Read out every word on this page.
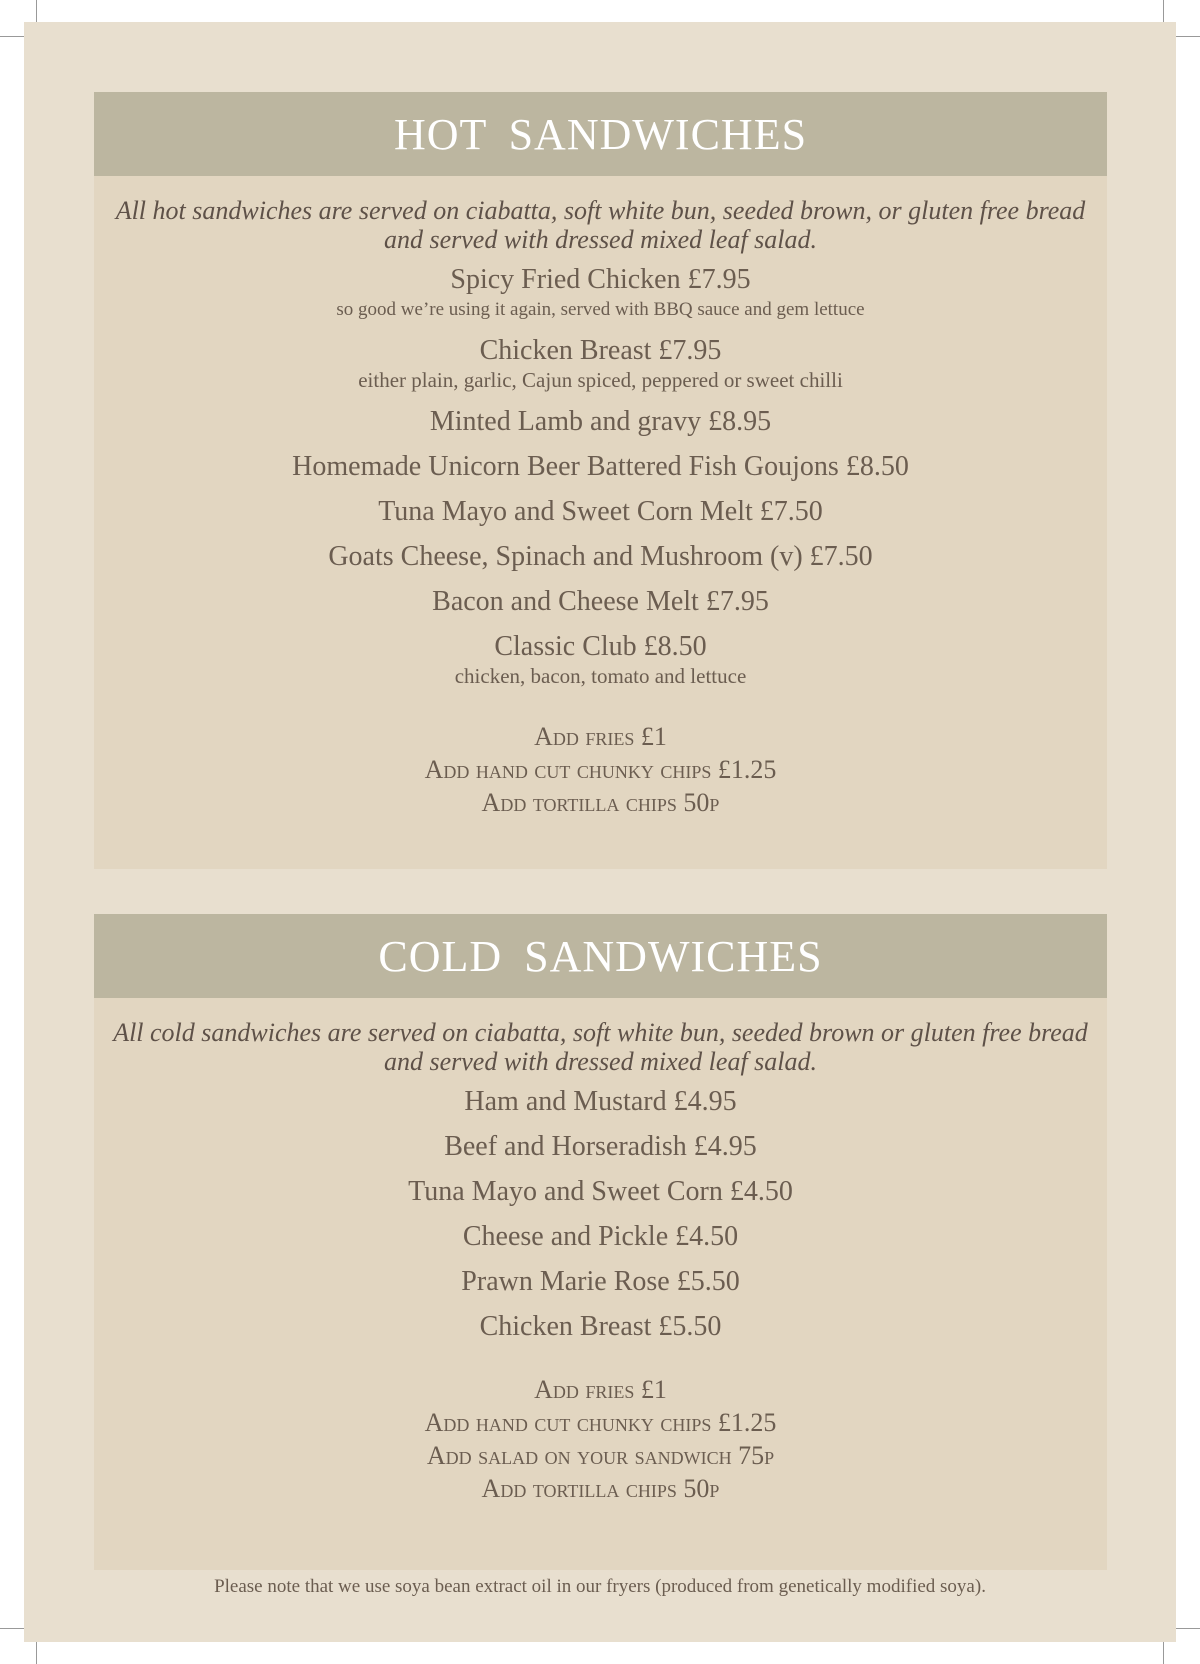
HOT SANDWICHES

All hot sandwiches are served on ciabatta, soft white bun, seeded brown, or gluten free bread and served with dressed mixed leaf salad.

Spicy Fried Chicken £7.95
so good we’re using it again, served with BBQ sauce and gem lettuce
Chicken Breast £7.95
either plain, garlic, Cajun spiced, peppered or sweet chilli
Minted Lamb and gravy £8.95
Homemade Unicorn Beer Battered Fish Goujons £8.50
Tuna Mayo and Sweet Corn Melt £7.50
Goats Cheese, Spinach and Mushroom (v) £7.50
Bacon and Cheese Melt £7.95
Classic Club £8.50
chicken, bacon, tomato and lettuce
Add fries £1
Add hand cut chunky chips £1.25
Add tortilla chips 50p
COLD SANDWICHES

All cold sandwiches are served on ciabatta, soft white bun, seeded brown or gluten free bread and served with dressed mixed leaf salad.

Ham and Mustard £4.95
Beef and Horseradish £4.95
Tuna Mayo and Sweet Corn £4.50
Cheese and Pickle £4.50
Prawn Marie Rose £5.50
Chicken Breast £5.50
Add fries £1
Add hand cut chunky chips £1.25
Add salad on your sandwich 75p
Add tortilla chips 50p
Please note that we use soya bean extract oil in our fryers (produced from genetically modified soya).
